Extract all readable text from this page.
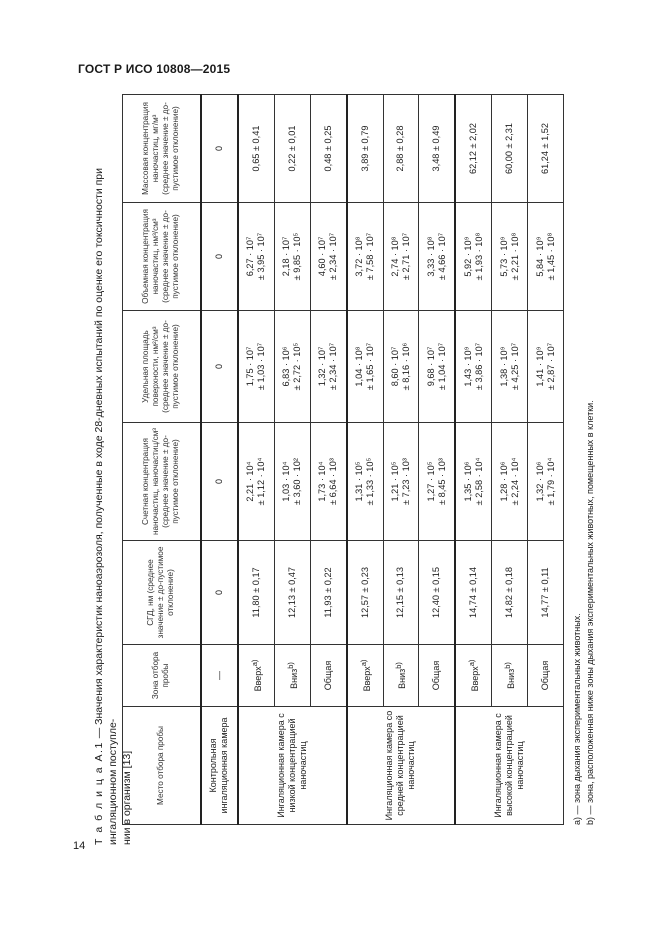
ГОСТ Р ИСО 10808—2015
14
Т а б л и ц а А.1 — Значения характеристик наноаэрозоля, полученные в ходе 28-дневных испытаний по оценке его токсичности при ингаляционном поступле- нии в организм [13]	Место отбора пробы	Зона отбора пробы	СГД, нм (среднее значение ± до-пустимое отклонение)	Счетная концентрация наночастиц, наночастиц/см³ (среднее значение ± до-пустимое отклонение)	Удельная площадь поверхности, нм²/см³ (среднее значение ± до-пустимое отклонение)	Объемная концентрация наночастиц, нм³/см³ (среднее значение ± до-пустимое отклонение)	Массовая концентрация наночастиц, мг/м³ (среднее значение ± до-пустимое отклонение)
Контрольная ингаляционная камера	—	0	0	0	0	0
Ингаляционная камера с низкой концентрацией наночастиц	Вверх$^{a)}$	11,80 ± 0,17	2,21 · 10⁴
± 1,12 · 10⁴	1,75 · 10⁷
± 1,03 · 10⁷	6,27 · 10⁷
± 3,95 · 10⁷	0,65 ± 0,41
	Вниз$^{b)}$	12,13 ± 0,47	1,03 · 10⁴
± 3,60 · 10²	6,83 · 10⁶
± 2,72 · 10⁵	2,18 · 10⁷
± 9,85 · 10⁵	0,22 ± 0,01
	Общая	11,93 ± 0,22	1,73 · 10⁴
± 6,64 · 10³	1,32 · 10⁷
± 2,34 · 10⁷	4,60 · 10⁷
± 2,34 · 10⁷	0,48 ± 0,25
Ингаляционная камера со средней концентрацией наночастиц	Вверх$^{a)}$	12,57 ± 0,23	1,31 · 10⁵
± 1,33 · 10⁵	1,04 · 10⁸
± 1,65 · 10⁷	3,72 · 10⁸
± 7,58 · 10⁷	3,89 ± 0,79
	Вниз$^{b)}$	12,15 ± 0,13	1,21 · 10⁵
± 7,23 · 10³	8,60 · 10⁷
± 8,16 · 10⁶	2,74 · 10⁸
± 2,71 · 10⁷	2,88 ± 0,28
	Общая	12,40 ± 0,15	1,27 · 10⁵
± 8,45 · 10³	9,68 · 10⁷
± 1,04 · 10⁷	3,33 · 10⁸
± 4,66 · 10⁷	3,48 ± 0,49
Ингаляционная камера с высокой концентрацией наночастиц	Вверх$^{a)}$	14,74 ± 0,14	1,35 · 10⁶
± 2,58 · 10⁴	1,43 · 10⁹
± 3,86 · 10⁷	5,92 · 10⁹
± 1,93 · 10⁸	62,12 ± 2,02
	Вниз$^{b)}$	14,82 ± 0,18	1,28 · 10⁶
± 2,24 · 10⁴	1,38 · 10⁹
± 4,25 · 10⁷	5,73 · 10⁹
± 2,21 · 10⁸	60,00 ± 2,31
	Общая	14,77 ± 0,11	1,32 · 10⁶
± 1,79 · 10⁴	1,41 · 10⁹
± 2,87 · 10⁷	5,84 · 10⁹
± 1,45 · 10⁸	61,24 ± 1,52
a) — зона дыхания экспериментальных животных. b) — зона, расположенная ниже зоны дыхания экспериментальных животных, помещенных в клетки.
